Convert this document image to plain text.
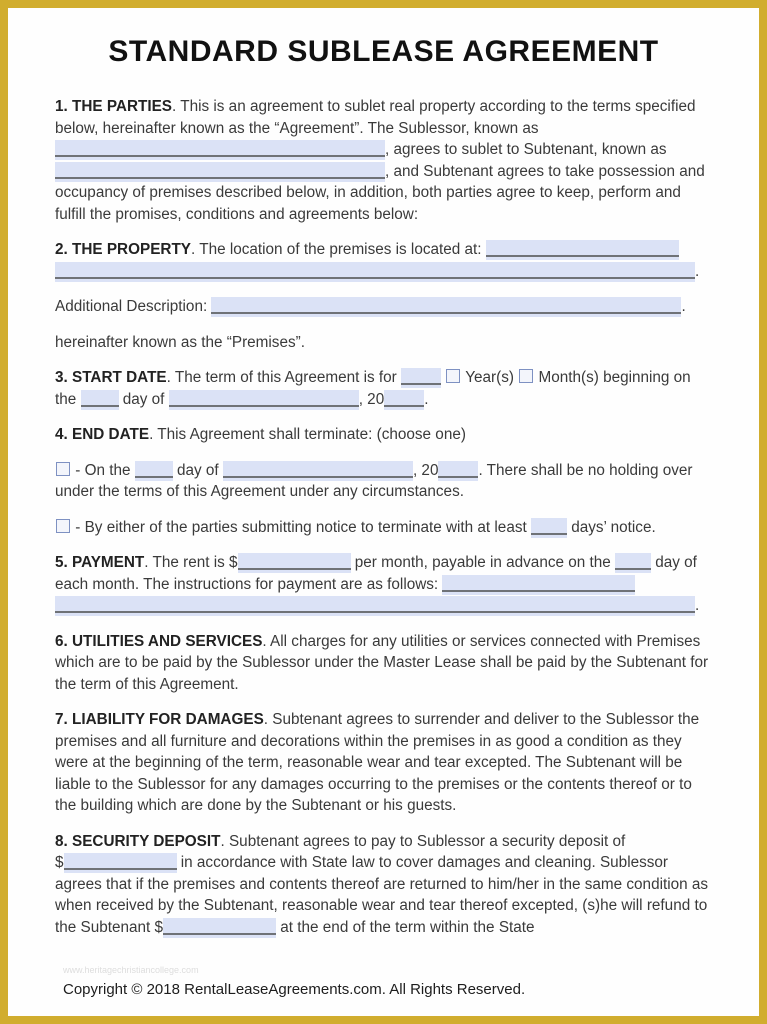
STANDARD SUBLEASE AGREEMENT

1. THE PARTIES. This is an agreement to sublet real property according to the terms specified below, hereinafter known as the “Agreement”. The Sublessor, known as , agrees to sublet to Subtenant, known as , and Subtenant agrees to take possession and occupancy of premises described below, in addition, both parties agree to keep, perform and fulfill the promises, conditions and agreements below:

2. THE PROPERTY. The location of the premises is located at: .

Additional Description:	.

hereinafter known as the “Premises”.

3. START DATE. The term of this Agreement is for	Year(s)  Month(s) beginning on the  day of	, 20	.

4. END DATE. This Agreement shall terminate: (choose one)

- On the  day of	, 20	. There shall be no holding over under the terms of this Agreement under any circumstances.

- By either of the parties submitting notice to terminate with at least  days’ notice.

5. PAYMENT. The rent is $	per month, payable in advance on the  day of each month. The instructions for payment are as follows: .

6. UTILITIES AND SERVICES. All charges for any utilities or services connected with Premises which are to be paid by the Sublessor under the Master Lease shall be paid by the Subtenant for the term of this Agreement.

7. LIABILITY FOR DAMAGES. Subtenant agrees to surrender and deliver to the Sublessor the premises and all furniture and decorations within the premises in as good a condition as they were at the beginning of the term, reasonable wear and tear excepted. The Subtenant will be liable to the Sublessor for any damages occurring to the premises or the contents thereof or to the building which are done by the Subtenant or his guests.

8. SECURITY DEPOSIT. Subtenant agrees to pay to Sublessor a security deposit of $	in accordance with State law to cover damages and cleaning. Sublessor agrees that if the premises and contents thereof are returned to him/her in the same condition as when received by the Subtenant, reasonable wear and tear thereof excepted, (s)he will refund to the Subtenant $	at the end of the term within the State

www.heritagechristiancollege.com
Copyright © 2018 RentalLeaseAgreements.com. All Rights Reserved.
